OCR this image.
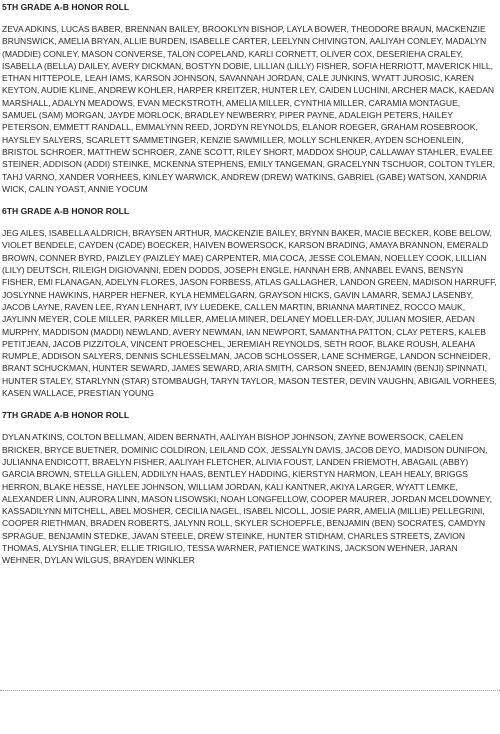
5TH GRADE A-B HONOR ROLL
ZEVA ADKINS, LUCAS BABER, BRENNAN BAILEY, BROOKLYN BISHOP, LAYLA BOWER, THEODORE BRAUN, MACKENZIE BRUNSWICK, AMELIA BRYAN, ALLIE BURDEN, ISABELLE CARTER, LEELYNN CHIVINGTON, AALIYAH CONLEY, MADALYN (MADDIE) CONLEY, MASON CONVERSE, TALON COPELAND, KARLI CORNETT, OLIVER COX, DESERIEHA CRALEY, ISABELLA (BELLA) DAILEY, AVERY DICKMAN, BOSTYN DOBIE, LILLIAN (LILLY) FISHER, SOFIA HERRIOTT, MAVERICK HILL, ETHAN HITTEPOLE, LEAH IAMS, KARSON JOHNSON, SAVANNAH JORDAN, CALE JUNKINS, WYATT JUROSIC, KAREN KEYTON, AUDIE KLINE, ANDREW KOHLER, HARPER KREITZER, HUNTER LEY, CAIDEN LUCHINI, ARCHER MACK, KAEDAN MARSHALL, ADALYN MEADOWS, EVAN MECKSTROTH, AMELIA MILLER, CYNTHIA MILLER, CARAMIA MONTAGUE, SAMUEL (SAM) MORGAN, JAYDE MORLOCK, BRADLEY NEWBERRY, PIPER PAYNE, ADALEIGH PETERS, HAILEY PETERSON, EMMETT RANDALL, EMMALYNN REED, JORDYN REYNOLDS, ELANOR ROEGER, GRAHAM ROSEBROOK, HAYSLEY SALYERS, SCARLETT SAMMETINGER, KENZIE SAWMILLER, MOLLY SCHLENKER, AYDEN SCHOENLEIN, BRISTOL SCHROER, MATTHEW SCHROER, ZANE SCOTT, RILEY SHORT, MADDOX SHOUP, CALLAWAY STAHLER, EVALEE STEINER, ADDISON (ADDI) STEINKE, MCKENNA STEPHENS, EMILY TANGEMAN, GRACELYNN TSCHUOR, COLTON TYLER, TAHJ VARNO, XANDER VORHEES, KINLEY WARWICK, ANDREW (DREW) WATKINS, GABRIEL (GABE) WATSON, XANDRIA WICK, CALIN YOAST, ANNIE YOCUM
6TH GRADE A-B HONOR ROLL
JEG AILES, ISABELLA ALDRICH, BRAYSEN ARTHUR, MACKENZIE BAILEY, BRYNN BAKER, MACIE BECKER, KOBE BELOW, VIOLET BENDELE, CAYDEN (CADE) BOECKER, HAIVEN BOWERSOCK, KARSON BRADING, AMAYA BRANNON, EMERALD BROWN, CONNER BYRD, PAIZLEY (PAIZLEY MAE) CARPENTER, MIA COCA, JESSE COLEMAN, NOELLEY COOK, LILLIAN (LILY) DEUTSCH, RILEIGH DIGIOVANNI, EDEN DODDS, JOSEPH ENGLE, HANNAH ERB, ANNABEL EVANS, BENSYN FISHER, EMI FLANAGAN, ADELYN FLORES, JASON FORBESS, ATLAS GALLAGHER, LANDON GREEN, MADISON HARRUFF, JOSLYNNE HAWKINS, HARPER HEFNER, KYLA HEMMELGARN, GRAYSON HICKS, GAVIN LAMARR, SEMAJ LASENBY, JACOB LAYNE, RAVEN LEE, RYAN LENHART, IVY LUEDEKE, CALLEN MARTIN, BRIANNA MARTINEZ, ROCCO MAUK, JAYLINN MEYER, COLE MILLER, PARKER MILLER, AMELIA MINER, DELANEY MOELLER-DAY, JULIAN MOSIER, AEDAN MURPHY, MADDISON (MADDI) NEWLAND, AVERY NEWMAN, IAN NEWPORT, SAMANTHA PATTON, CLAY PETERS, KALEB PETITJEAN, JACOB PIZZITOLA, VINCENT PROESCHEL, JEREMIAH REYNOLDS, SETH ROOF, BLAKE ROUSH, ALEAHA RUMPLE, ADDISON SALYERS, DENNIS SCHLESSELMAN, JACOB SCHLOSSER, LANE SCHMERGE, LANDON SCHNEIDER, BRANT SCHUCKMAN, HUNTER SEWARD, JAMES SEWARD, ARIA SMITH, CARSON SNEED, BENJAMIN (BENJI) SPINNATI, HUNTER STALEY, STARLYNN (STAR) STOMBAUGH, TARYN TAYLOR, MASON TESTER, DEVIN VAUGHN, ABIGAIL VORHEES, KASEN WALLACE, PRESTIAN YOUNG
7TH GRADE A-B HONOR ROLL
DYLAN ATKINS, COLTON BELLMAN, AIDEN BERNATH, AALIYAH BISHOP JOHNSON, ZAYNE BOWERSOCK, CAELEN BRICKER, BRYCE BUETNER, DOMINIC COLDIRON, LEILAND COX, JESSALYN DAVIS, JACOB DEYO, MADISON DUNIFON, JULIANNA ENDICOTT, BRAELYN FISHER, AALIYAH FLETCHER, ALIVIA FOUST, LANDEN FRIEMOTH, ABAGAIL (ABBY) GARCIA BROWN, STELLA GILLEN, ADDILYN HAAS, BENTLEY HADDING, KIERSTYN HARMON, LEAH HEALY, BRIGGS HERRON, BLAKE HESSE, HAYLEE JOHNSON, WILLIAM JORDAN, KALI KANTNER, AKIYA LARGER, WYATT LEMKE, ALEXANDER LINN, AURORA LINN, MASON LISOWSKI, NOAH LONGFELLOW, COOPER MAURER, JORDAN MCELDOWNEY, KASSADILYNN MITCHELL, ABEL MOSHER, CECILIA NAGEL, ISABEL NICOLL, JOSIE PARR, AMELIA (MILLIE) PELLEGRINI, COOPER RIETHMAN, BRADEN ROBERTS, JALYNN ROLL, SKYLER SCHOEPFLE, BENJAMIN (BEN) SOCRATES, CAMDYN SPRAGUE, BENJAMIN STEDKE, JAVAN STEELE, DREW STEINKE, HUNTER STIDHAM, CHARLES STREETS, ZAVION THOMAS, ALYSHIA TINGLER, ELLIE TRIGILIO, TESSA WARNER, PATIENCE WATKINS, JACKSON WEHNER, JARAN WEHNER, DYLAN WILGUS, BRAYDEN WINKLER
